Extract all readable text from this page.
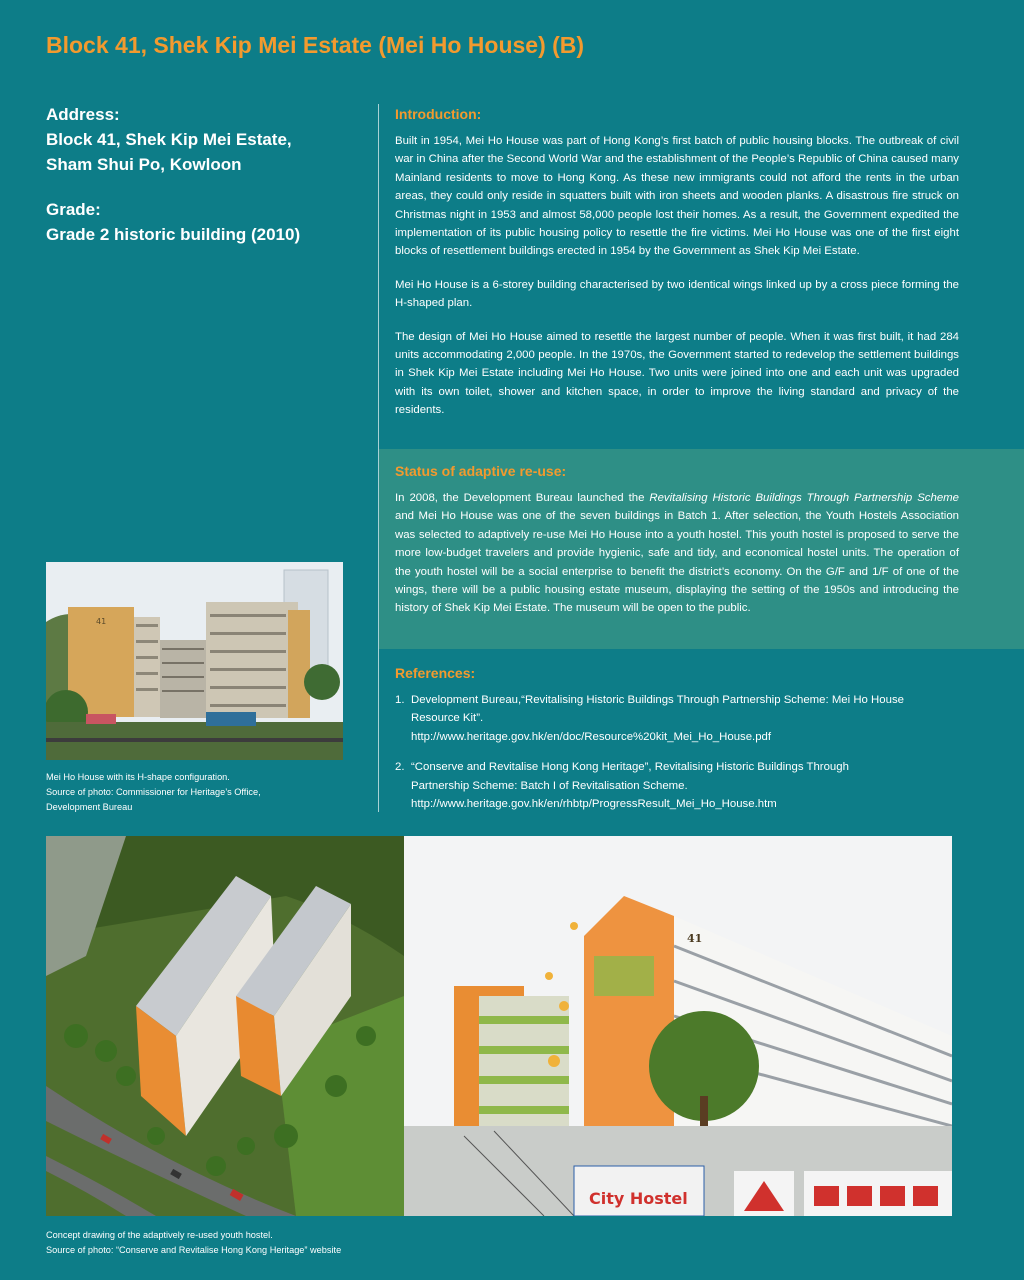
Block 41, Shek Kip Mei Estate (Mei Ho House) (B)
Address:
Block 41, Shek Kip Mei Estate,
Sham Shui Po, Kowloon
Grade:
Grade 2 historic building (2010)
Introduction:

Built in 1954, Mei Ho House was part of Hong Kong’s first batch of public housing blocks. The outbreak of civil war in China after the Second World War and the establishment of the People’s Republic of China caused many Mainland residents to move to Hong Kong. As these new immigrants could not afford the rents in the urban areas, they could only reside in squatters built with iron sheets and wooden planks. A disastrous fire struck on Christmas night in 1953 and almost 58,000 people lost their homes. As a result, the Government expedited the implementation of its public housing policy to resettle the fire victims. Mei Ho House was one of the first eight blocks of resettlement buildings erected in 1954 by the Government as Shek Kip Mei Estate.

Mei Ho House is a 6-storey building characterised by two identical wings linked up by a cross piece forming the H-shaped plan.

The design of Mei Ho House aimed to resettle the largest number of people. When it was first built, it had 284 units accommodating 2,000 people. In the 1970s, the Government started to redevelop the settlement buildings in Shek Kip Mei Estate including Mei Ho House. Two units were joined into one and each unit was upgraded with its own toilet, shower and kitchen space, in order to improve the living standard and privacy of the residents.

Status of adaptive re-use:

In 2008, the Development Bureau launched the Revitalising Historic Buildings Through Partnership Scheme and Mei Ho House was one of the seven buildings in Batch 1. After selection, the Youth Hostels Association was selected to adaptively re-use Mei Ho House into a youth hostel. This youth hostel is proposed to serve the more low-budget travelers and provide hygienic, safe and tidy, and economical hostel units. The operation of the youth hostel will be a social enterprise to benefit the district’s economy. On the G/F and 1/F of one of the wings, there will be a public housing estate museum, displaying the setting of the 1950s and introducing the history of Shek Kip Mei Estate. The museum will be open to the public.

References:
1. Development Bureau,“Revitalising Historic Buildings Through Partnership Scheme: Mei Ho House
Resource Kit”.
http://www.heritage.gov.hk/en/doc/Resource%20kit_Mei_Ho_House.pdf
2. “Conserve and Revitalise Hong Kong Heritage”, Revitalising Historic Buildings Through
Partnership Scheme: Batch I of Revitalisation Scheme.
http://www.heritage.gov.hk/en/rhbtp/ProgressResult_Mei_Ho_House.htm
41
Mei Ho House with its H-shape configuration.
Source of photo: Commissioner for Heritage’s Office,
Development Bureau
41
City Hostel
Concept drawing of the adaptively re-used youth hostel.
Source of photo: “Conserve and Revitalise Hong Kong Heritage” website
